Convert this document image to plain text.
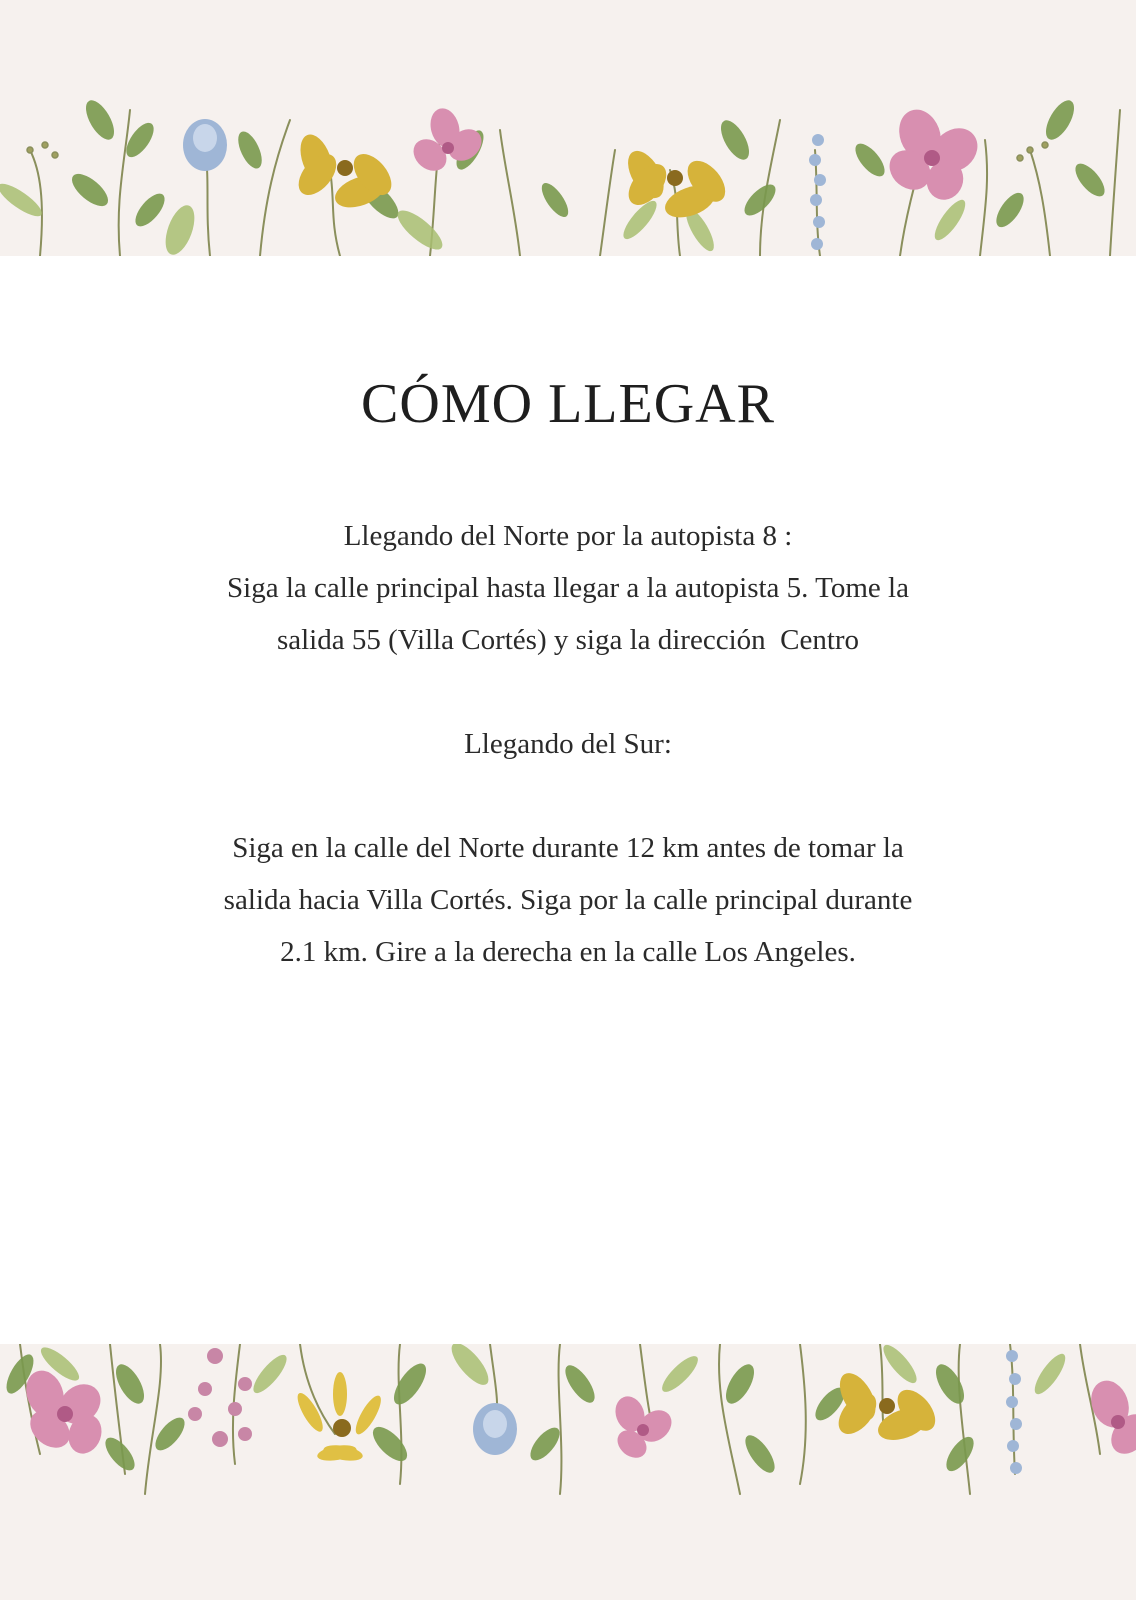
CÓMO LLEGAR
Llegando del Norte por la autopista 8 :
Siga la calle principal hasta llegar a la autopista 5. Tome la
salida 55 (Villa Cortés) y siga la dirección  Centro
Llegando del Sur:
Siga en la calle del Norte durante 12 km antes de tomar la
salida hacia Villa Cortés. Siga por la calle principal durante
2.1 km. Gire a la derecha en la calle Los Angeles.
